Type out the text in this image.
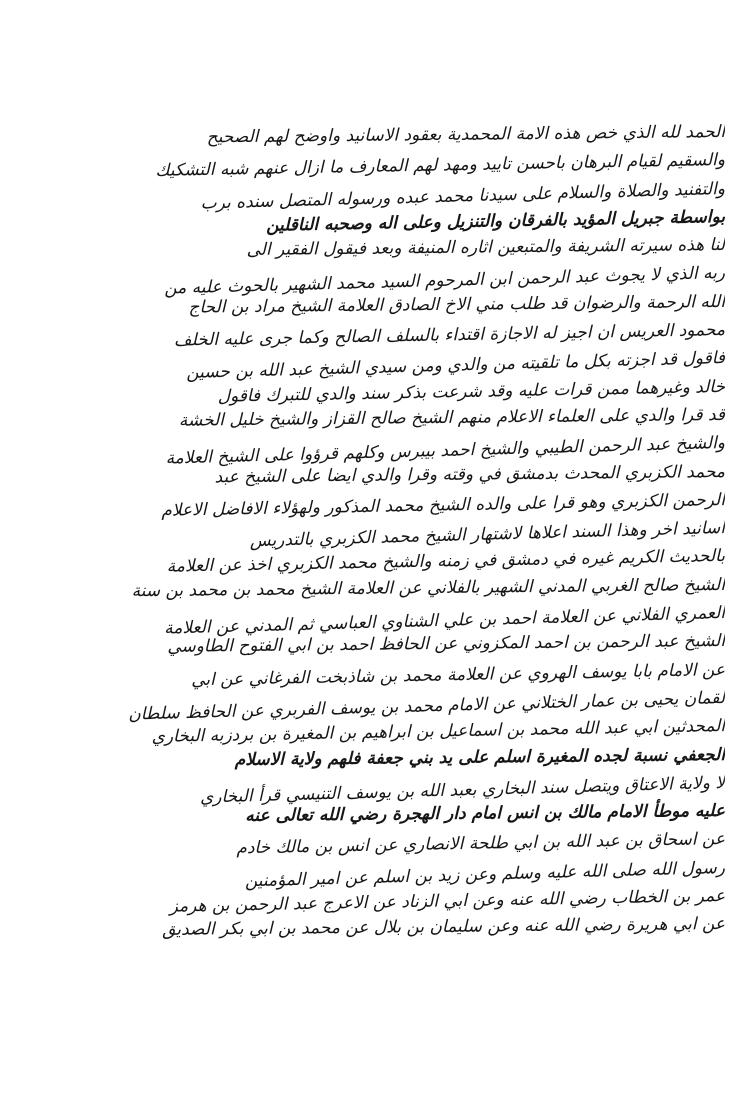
الحمد لله الذي خص هذه الامة المحمدية بعقود الاسانيد واوضح لهم الصحيح
والسقيم لقيام البرهان باحسن تاييد ومهد لهم المعارف ما ازال عنهم شبه التشكيك
والتفنيد والصلاة والسلام على سيدنا محمد عبده ورسوله المتصل سنده برب
بواسطة جبريل المؤيد بالفرقان والتنزيل وعلى اله وصحبه الناقلين
لنا هذه سيرته الشريفة والمتبعين اثاره المنيفة وبعد فيقول الفقير الى
ربه الذي لا يجوث عبد الرحمن ابن المرحوم السيد محمد الشهير بالحوث عليه من
الله الرحمة والرضوان قد طلب مني الاخ الصادق العلامة الشيخ مراد بن الحاج
محمود العريس ان اجيز له الاجازة اقتداء بالسلف الصالح وكما جرى عليه الخلف
فاقول قد اجزته بكل ما تلقيته من والدي ومن سيدي الشيخ عبد الله بن حسين
خالد وغيرهما ممن قرات عليه وقد شرعت بذكر سند والدي للتبرك فاقول
قد قرا والدي على العلماء الاعلام منهم الشيخ صالح القزاز والشيخ خليل الخشة
والشيخ عبد الرحمن الطيبي والشيخ احمد بيبرس وكلهم قرؤوا على الشيخ العلامة
محمد الكزبري المحدث بدمشق في وقته وقرا والدي ايضا على الشيخ عبد
الرحمن الكزبري وهو قرا على والده الشيخ محمد المذكور ولهؤلاء الافاضل الاعلام
اسانيد اخر وهذا السند اعلاها لاشتهار الشيخ محمد الكزبري بالتدريس
بالحديث الكريم غيره في دمشق في زمنه والشيخ محمد الكزبري اخذ عن العلامة
الشيخ صالح الغربي المدني الشهير بالفلاني عن العلامة الشيخ محمد بن محمد بن سنة
العمري الفلاني عن العلامة احمد بن علي الشناوي العباسي ثم المدني عن العلامة
الشيخ عبد الرحمن بن احمد المكزوني عن الحافظ احمد بن ابي الفتوح الطاوسي
عن الامام بابا يوسف الهروي عن العلامة محمد بن شاذبخت الفرغاني عن ابي
لقمان يحيى بن عمار الختلاني عن الامام محمد بن يوسف الفربري عن الحافظ سلطان
المحدثين ابي عبد الله محمد بن اسماعيل بن ابراهيم بن المغيرة بن بردزبه البخاري
الجعفي نسبة لجده المغيرة اسلم على يد بني جعفة فلهم ولاية الاسلام
لا ولاية الاعتاق ويتصل سند البخاري بعبد الله بن يوسف التنيسي قرأ البخاري
عليه موطأ الامام مالك بن انس امام دار الهجرة رضي الله تعالى عنه
عن اسحاق بن عبد الله بن ابي طلحة الانصاري عن انس بن مالك خادم
رسول الله صلى الله عليه وسلم وعن زيد بن اسلم عن امير المؤمنين
عمر بن الخطاب رضي الله عنه وعن ابي الزناد عن الاعرج عبد الرحمن بن هرمز
عن ابي هريرة رضي الله عنه وعن سليمان بن بلال عن محمد بن ابي بكر الصديق
